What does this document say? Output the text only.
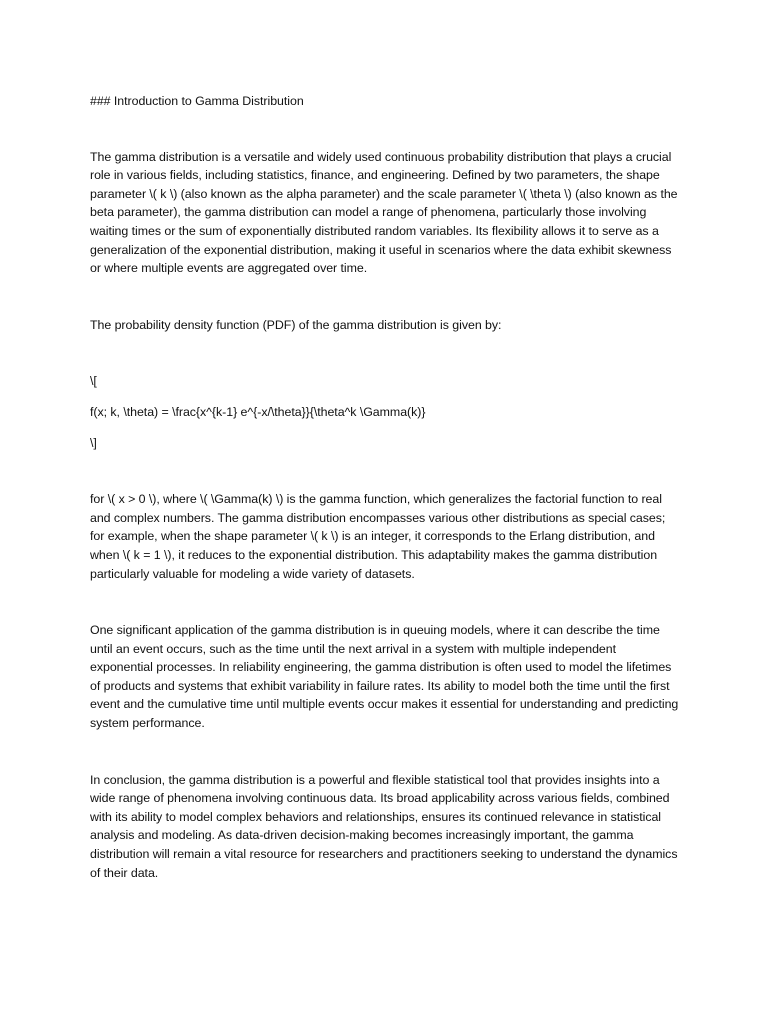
### Introduction to Gamma Distribution

The gamma distribution is a versatile and widely used continuous probability distribution that plays a crucial role in various fields, including statistics, finance, and engineering. Defined by two parameters, the shape parameter \( k \) (also known as the alpha parameter) and the scale parameter \( \theta \) (also known as the beta parameter), the gamma distribution can model a range of phenomena, particularly those involving waiting times or the sum of exponentially distributed random variables. Its flexibility allows it to serve as a generalization of the exponential distribution, making it useful in scenarios where the data exhibit skewness or where multiple events are aggregated over time.

The probability density function (PDF) of the gamma distribution is given by:

\[

f(x; k, \theta) = \frac{x^{k-1} e^{-x/\theta}}{\theta^k \Gamma(k)}

\]

for \( x > 0 \), where \( \Gamma(k) \) is the gamma function, which generalizes the factorial function to real and complex numbers. The gamma distribution encompasses various other distributions as special cases; for example, when the shape parameter \( k \) is an integer, it corresponds to the Erlang distribution, and when \( k = 1 \), it reduces to the exponential distribution. This adaptability makes the gamma distribution particularly valuable for modeling a wide variety of datasets.

One significant application of the gamma distribution is in queuing models, where it can describe the time until an event occurs, such as the time until the next arrival in a system with multiple independent exponential processes. In reliability engineering, the gamma distribution is often used to model the lifetimes of products and systems that exhibit variability in failure rates. Its ability to model both the time until the first event and the cumulative time until multiple events occur makes it essential for understanding and predicting system performance.

In conclusion, the gamma distribution is a powerful and flexible statistical tool that provides insights into a wide range of phenomena involving continuous data. Its broad applicability across various fields, combined with its ability to model complex behaviors and relationships, ensures its continued relevance in statistical analysis and modeling. As data-driven decision-making becomes increasingly important, the gamma distribution will remain a vital resource for researchers and practitioners seeking to understand the dynamics of their data.
